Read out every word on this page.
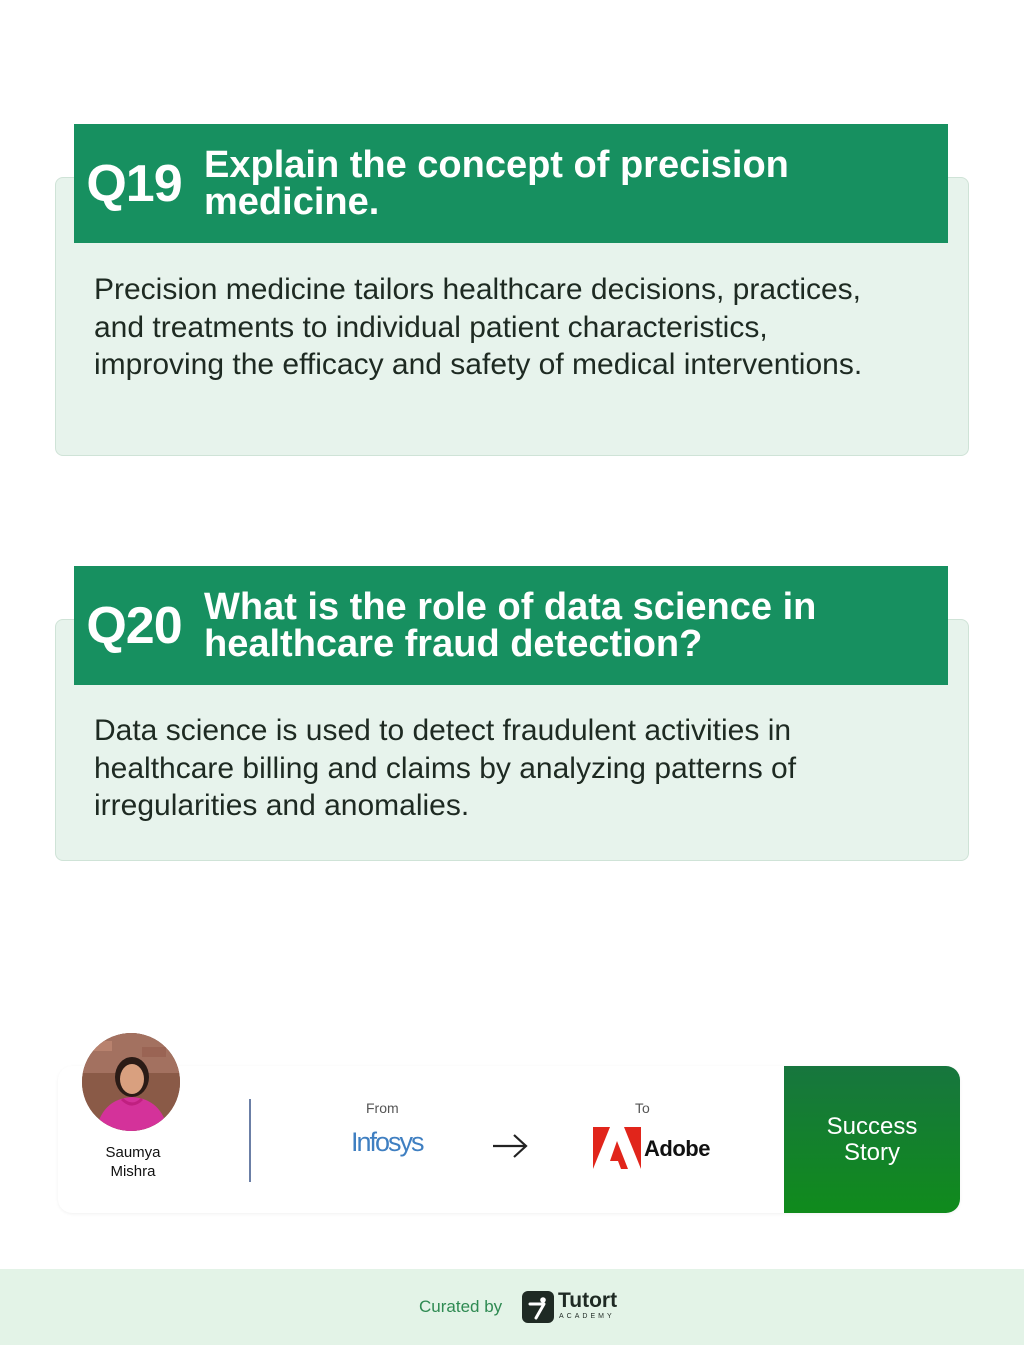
Q19 Explain the concept of precision medicine.
Precision medicine tailors healthcare decisions, practices, and treatments to individual patient characteristics, improving the efficacy and safety of medical interventions.
Q20 What is the role of data science in healthcare fraud detection?
Data science is used to detect fraudulent activities in healthcare billing and claims by analyzing patterns of irregularities and anomalies.
Saumya Mishra
From
Infosys
To
Adobe
Success Story
Curated by	Tutort
ACADEMY
